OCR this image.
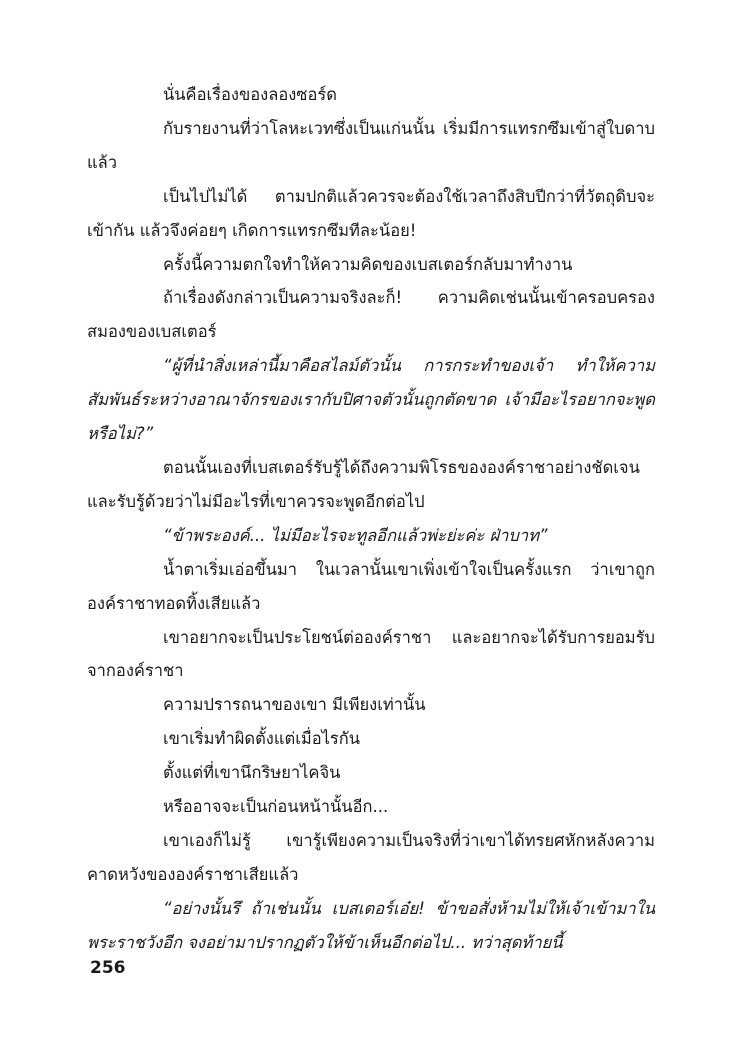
นั่นคือเรื่องของลองซอร์ด

กับรายงานที่ว่าโลหะเวทซึ่งเป็นแก่นนั้น เริ่มมีการแทรกซึมเข้าสู่ใบดาบแล้ว

เป็นไปไม่ได้ ตามปกติแล้วควรจะต้องใช้เวลาถึงสิบปีกว่าที่วัตถุดิบจะเข้ากัน แล้วจึงค่อยๆ เกิดการแทรกซึมทีละน้อย!

ครั้งนี้ความตกใจทำให้ความคิดของเบสเตอร์กลับมาทำงาน

ถ้าเรื่องดังกล่าวเป็นความจริงละก็! ความคิดเช่นนั้นเข้าครอบครองสมองของเบสเตอร์

“ผู้ที่นำสิ่งเหล่านี้มาคือสไลม์ตัวนั้น การกระทำของเจ้า ทำให้ความสัมพันธ์ระหว่างอาณาจักรของเรากับปิศาจตัวนั้นถูกตัดขาด เจ้ามีอะไรอยากจะพูดหรือไม่?”

ตอนนั้นเองที่เบสเตอร์รับรู้ได้ถึงความพิโรธขององค์ราชาอย่างชัดเจน และรับรู้ด้วยว่าไม่มีอะไรที่เขาควรจะพูดอีกต่อไป

“ข้าพระองค์... ไม่มีอะไรจะทูลอีกแล้วพ่ะย่ะค่ะ ฝ่าบาท”

น้ำตาเริ่มเอ่อขึ้นมา ในเวลานั้นเขาเพิ่งเข้าใจเป็นครั้งแรก ว่าเขาถูกองค์ราชาทอดทิ้งเสียแล้ว

เขาอยากจะเป็นประโยชน์ต่อองค์ราชา และอยากจะได้รับการยอมรับจากองค์ราชา

ความปรารถนาของเขา มีเพียงเท่านั้น

เขาเริ่มทำผิดตั้งแต่เมื่อไรกัน

ตั้งแต่ที่เขานึกริษยาไคจิน

หรืออาจจะเป็นก่อนหน้านั้นอีก...

เขาเองก็ไม่รู้ เขารู้เพียงความเป็นจริงที่ว่าเขาได้ทรยศหักหลังความคาดหวังขององค์ราชาเสียแล้ว

“อย่างนั้นรึ ถ้าเช่นนั้น เบสเตอร์เอ๋ย! ข้าขอสั่งห้ามไม่ให้เจ้าเข้ามาในพระราชวังอีก จงอย่ามาปรากฏตัวให้ข้าเห็นอีกต่อไป... ทว่าสุดท้ายนี้

256
